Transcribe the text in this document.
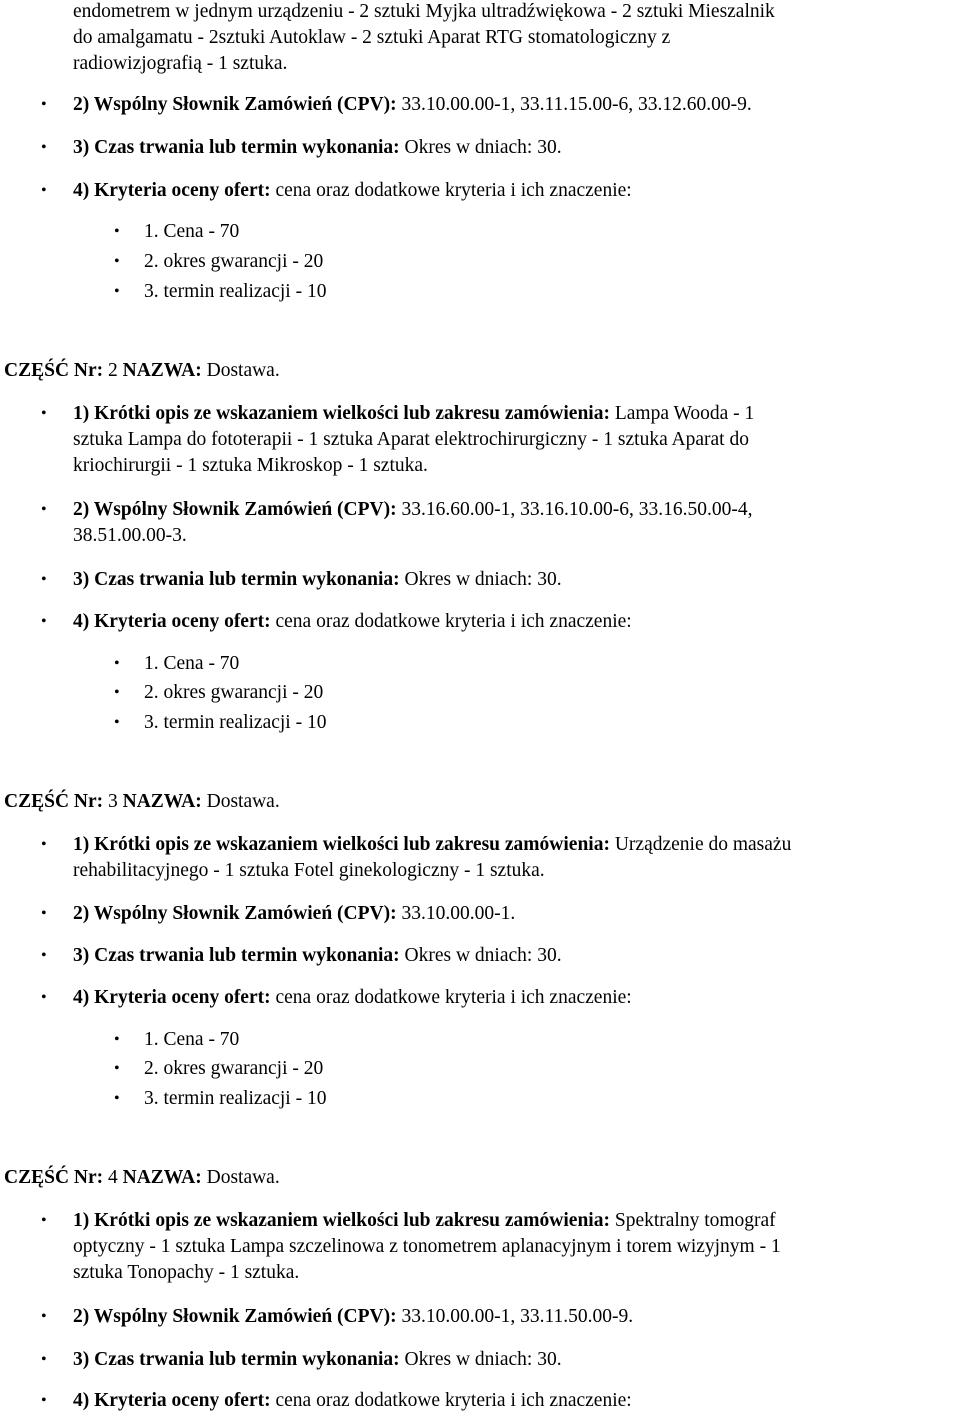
endometrem w jednym urządzeniu - 2 sztuki Myjka ultradźwiękowa - 2 sztuki Mieszalnik
do amalgamatu - 2sztuki Autoklaw - 2 sztuki Aparat RTG stomatologiczny z
radiowizjografią - 1 sztuka.
• 2) Wspólny Słownik Zamówień (CPV): 33.10.00.00-1, 33.11.15.00-6, 33.12.60.00-9.
• 3) Czas trwania lub termin wykonania: Okres w dniach: 30.
• 4) Kryteria oceny ofert: cena oraz dodatkowe kryteria i ich znaczenie:
• 1. Cena - 70
• 2. okres gwarancji - 20
• 3. termin realizacji - 10
CZĘŚĆ Nr: 2 NAZWA: Dostawa.
• 1) Krótki opis ze wskazaniem wielkości lub zakresu zamówienia: Lampa Wooda - 1
sztuka Lampa do fototerapii - 1 sztuka Aparat elektrochirurgiczny - 1 sztuka Aparat do
kriochirurgii - 1 sztuka Mikroskop - 1 sztuka.
• 2) Wspólny Słownik Zamówień (CPV): 33.16.60.00-1, 33.16.10.00-6, 33.16.50.00-4,
38.51.00.00-3.
• 3) Czas trwania lub termin wykonania: Okres w dniach: 30.
• 4) Kryteria oceny ofert: cena oraz dodatkowe kryteria i ich znaczenie:
• 1. Cena - 70
• 2. okres gwarancji - 20
• 3. termin realizacji - 10
CZĘŚĆ Nr: 3 NAZWA: Dostawa.
• 1) Krótki opis ze wskazaniem wielkości lub zakresu zamówienia: Urządzenie do masażu
rehabilitacyjnego - 1 sztuka Fotel ginekologiczny - 1 sztuka.
• 2) Wspólny Słownik Zamówień (CPV): 33.10.00.00-1.
• 3) Czas trwania lub termin wykonania: Okres w dniach: 30.
• 4) Kryteria oceny ofert: cena oraz dodatkowe kryteria i ich znaczenie:
• 1. Cena - 70
• 2. okres gwarancji - 20
• 3. termin realizacji - 10
CZĘŚĆ Nr: 4 NAZWA: Dostawa.
• 1) Krótki opis ze wskazaniem wielkości lub zakresu zamówienia: Spektralny tomograf
optyczny - 1 sztuka Lampa szczelinowa z tonometrem aplanacyjnym i torem wizyjnym - 1
sztuka Tonopachy - 1 sztuka.
• 2) Wspólny Słownik Zamówień (CPV): 33.10.00.00-1, 33.11.50.00-9.
• 3) Czas trwania lub termin wykonania: Okres w dniach: 30.
• 4) Kryteria oceny ofert: cena oraz dodatkowe kryteria i ich znaczenie:
